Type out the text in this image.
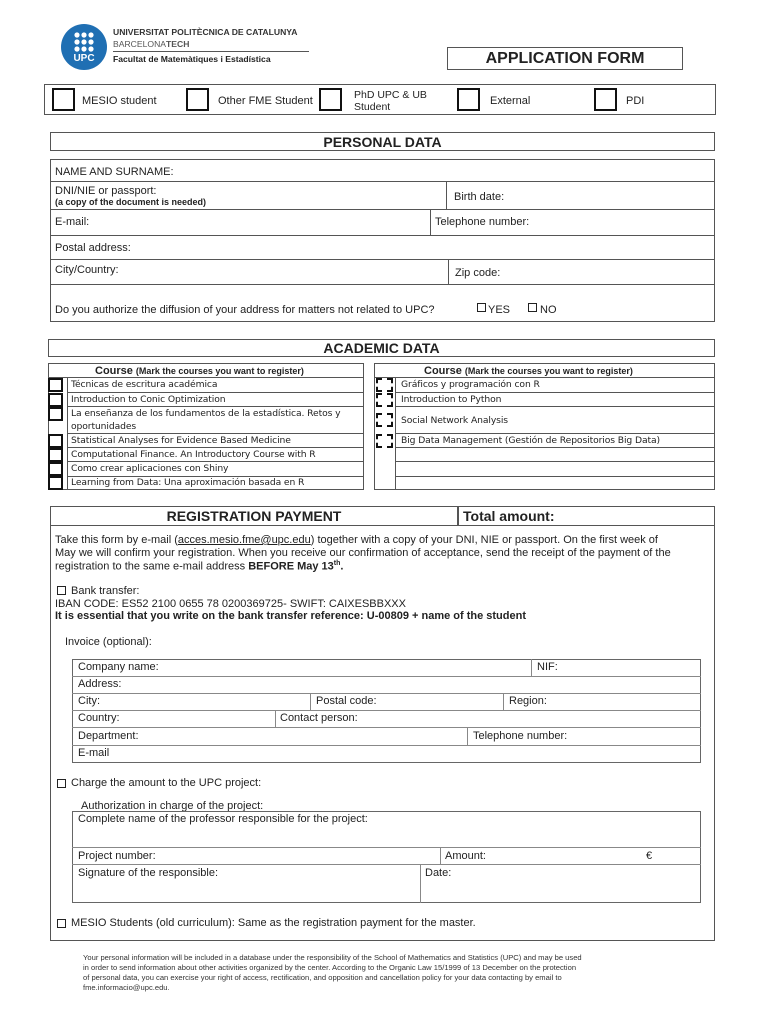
UPC
UNIVERSITAT POLITÈCNICA DE CATALUNYA
BARCELONATECH
Facultat de Matemàtiques i Estadística	APPLICATION FORM
MESIO student	Other FME Student	PhD UPC & UB Student	External	PDI
PERSONAL DATA
NAME AND SURNAME:
DNI/NIE or passport:
(a copy of the document is needed)	Birth date:
E-mail:	Telephone number:
Postal address:
City/Country:	Zip code:
Do you authorize the diffusion of your address for matters not related to UPC?	YES	NO
ACADEMIC DATA
Course (Mark the courses you want to register)	Course (Mark the courses you want to register)
Técnicas de escritura académica
Introduction to Conic Optimization
La enseñanza de los fundamentos de la estadística. Retos y
oportunidades
Statistical Analyses for Evidence Based Medicine
Computational Finance. An Introductory Course with R
Como crear aplicaciones con Shiny
Learning from Data: Una aproximación basada en R
Gráficos y programación con R
Introduction to Python
Social Network Analysis
Big Data Management (Gestión de Repositorios Big Data)
REGISTRATION PAYMENT	Total amount:
Take this form by e-mail (acces.mesio.fme@upc.edu) together with a copy of your DNI, NIE or passport. On the first week of
May we will confirm your registration. When you receive our confirmation of acceptance, send the receipt of the payment of the
registration to the same e-mail address BEFORE May 13th.
Bank transfer:
IBAN CODE: ES52 2100 0655 78 0200369725- SWIFT: CAIXESBBXXX
It is essential that you write on the bank transfer reference: U-00809 + name of the student
Invoice (optional):
Company name:	NIF:
Address:
City:	Postal code:	Region:
Country:	Contact person:
Department:	Telephone number:
E-mail
Charge the amount to the UPC project:
Authorization in charge of the project:
Complete name of the professor responsible for the project:
Project number:	Amount:	€
Signature of the responsible:	Date:
MESIO Students (old curriculum): Same as the registration payment for the master.
Your personal information will be included in a database under the responsibility of the School of Mathematics and Statistics (UPC) and may be used
in order to send information about other activities organized by the center. According to the Organic Law 15/1999 of 13 December on the protection
of personal data, you can exercise your right of access, rectification, and opposition and cancellation policy for your data contacting by email to
fme.informacio@upc.edu.
